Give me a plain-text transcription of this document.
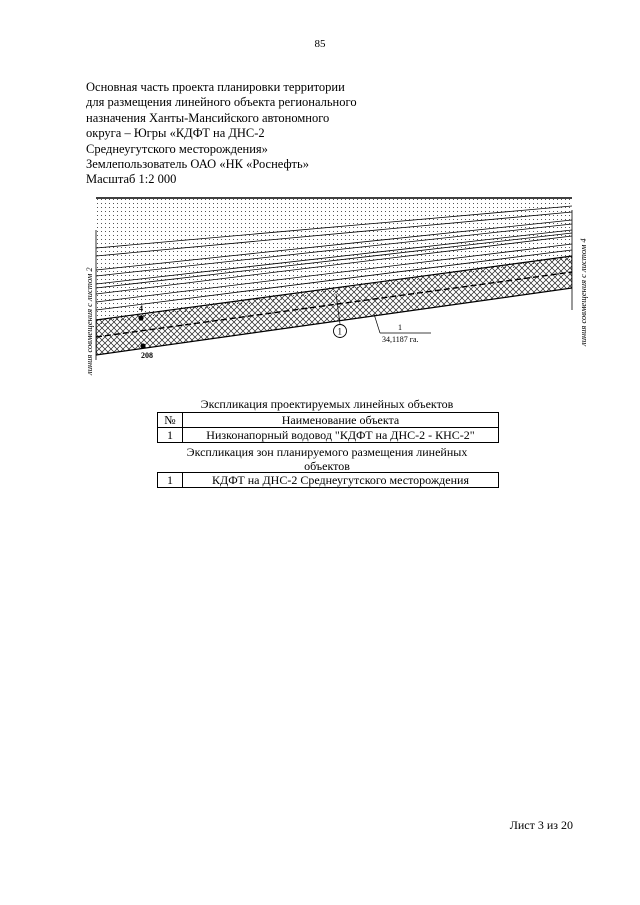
85
Основная часть проекта планировки территории
для размещения линейного объекта регионального
назначения Ханты-Мансийского автономного
округа – Югры «КДФТ на ДНС-2
Среднеугутского месторождения»
Землепользователь ОАО «НК «Роснефть»
Масштаб 1:2 000
4
208
1	1
34,1187 га.
линия совмещения с листом 2	линия совмещения с листом 4
Экспликация проектируемых линейных объектов
№	Наименование объекта
1	Низконапорный водовод "КДФТ на ДНС-2 - КНС-2"
Экспликация зон планируемого размещения линейных
объектов
1	КДФТ на ДНС-2 Среднеугутского месторождения
Лист 3 из 20
